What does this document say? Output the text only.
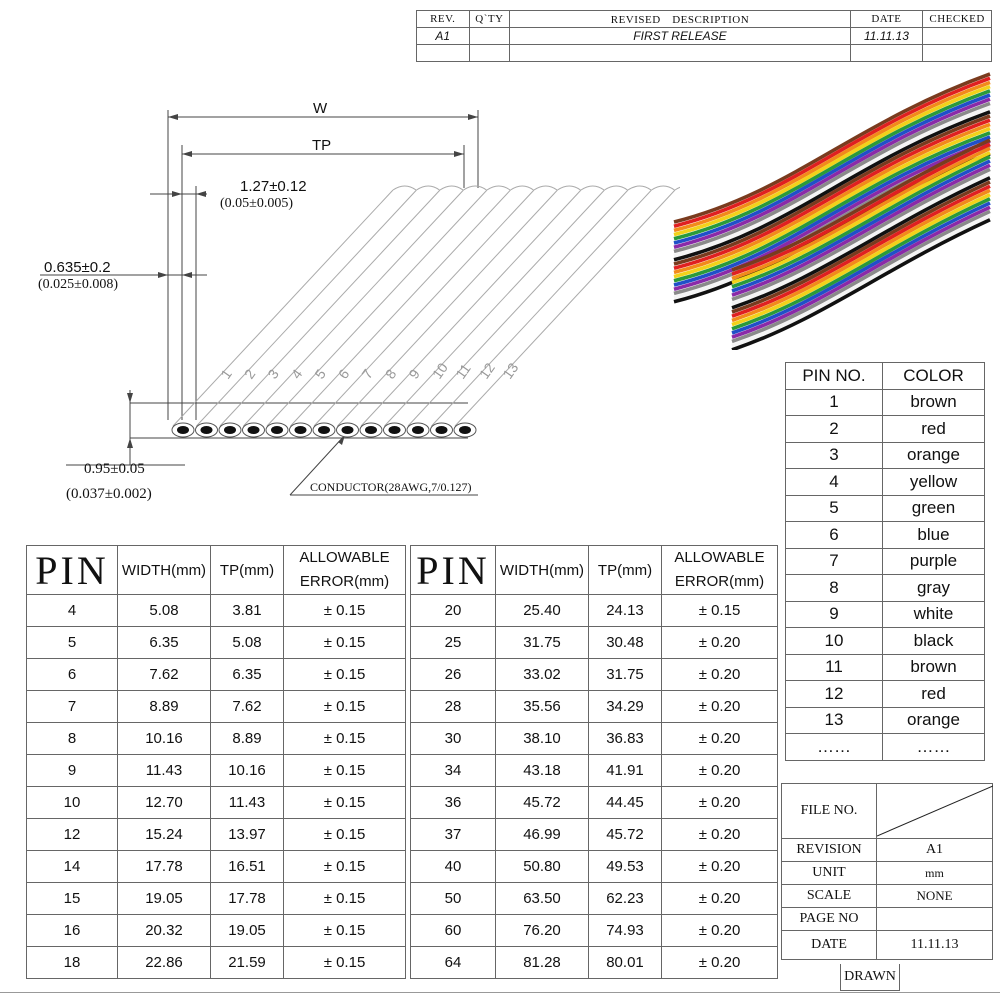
REV.	Q`TY	REVISED　DESCRIPTION	DATE	CHECKED
A1		FIRST RELEASE	11.11.13	

1 2 3 4 5 6 7 8 9 10 11 12 13
W
TP
1.27±0.12
(0.05±0.005)
0.635±0.2
(0.025±0.008)
0.95±0.05
(0.037±0.002)	CONDUCTOR(28AWG,7/0.127)
PIN NO.	COLOR
1	brown
2	red
3	orange
4	yellow
5	green
6	blue
7	purple
8	gray
9	white
10	black
11	brown
12	red
13	orange
……	……
PIN	WIDTH(mm)	TP(mm)	ALLOWABLE
ERROR(mm)
4	5.08	3.81	± 0.15
5	6.35	5.08	± 0.15
6	7.62	6.35	± 0.15
7	8.89	7.62	± 0.15
8	10.16	8.89	± 0.15
9	11.43	10.16	± 0.15
10	12.70	11.43	± 0.15
12	15.24	13.97	± 0.15
14	17.78	16.51	± 0.15
15	19.05	17.78	± 0.15
16	20.32	19.05	± 0.15
18	22.86	21.59	± 0.15
PIN	WIDTH(mm)	TP(mm)	ALLOWABLE
ERROR(mm)
20	25.40	24.13	± 0.15
25	31.75	30.48	± 0.20
26	33.02	31.75	± 0.20
28	35.56	34.29	± 0.20
30	38.10	36.83	± 0.20
34	43.18	41.91	± 0.20
36	45.72	44.45	± 0.20
37	46.99	45.72	± 0.20
40	50.80	49.53	± 0.20
50	63.50	62.23	± 0.20
60	76.20	74.93	± 0.20
64	81.28	80.01	± 0.20
FILE NO.	

REVISION	A1
UNIT	mm
SCALE	NONE
PAGE NO	
DATE	11.11.13
DRAWN
